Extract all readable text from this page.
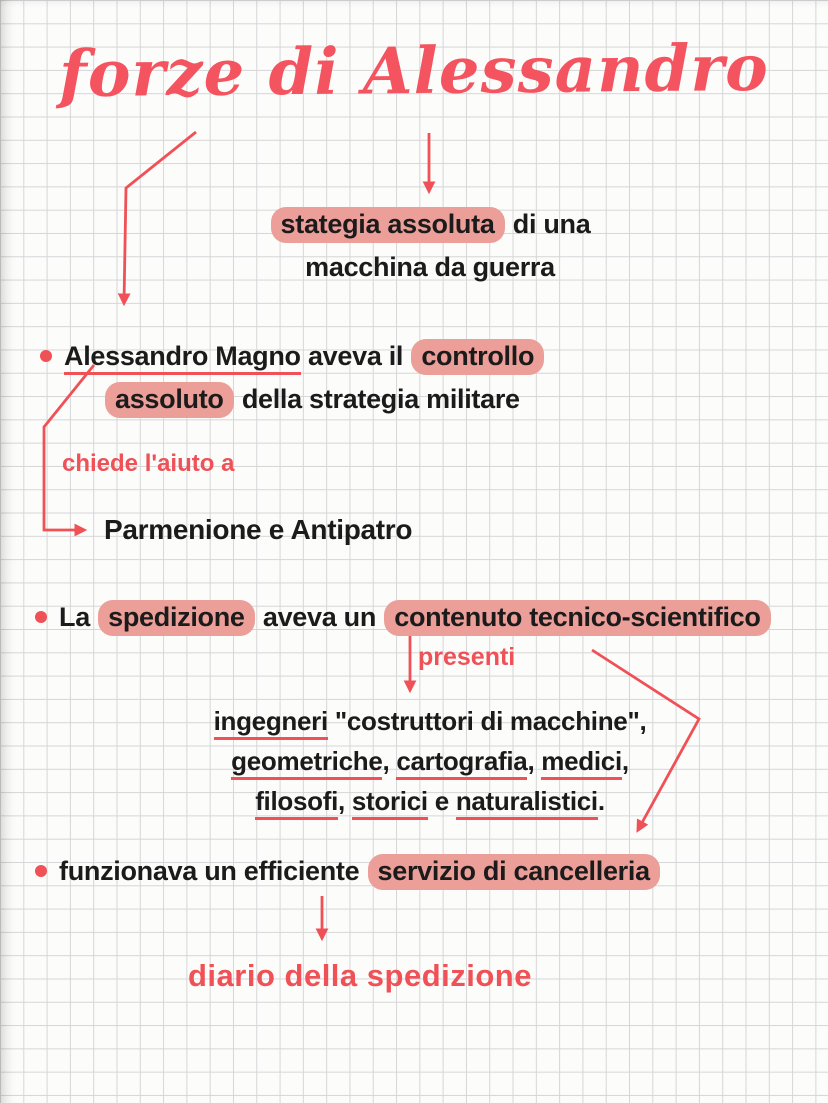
forze di Alessandro
stategia assoluta di una
macchina da guerra
Alessandro Magno aveva il controllo
assoluto della strategia militare
chiede l'aiuto a
Parmenione e Antipatro
La spedizione aveva un contenuto tecnico-scientifico
presenti
ingegneri "costruttori di macchine",
geometriche, cartografia, medici,
filosofi, storici e naturalistici.
funzionava un efficiente servizio di cancelleria
diario della spedizione
